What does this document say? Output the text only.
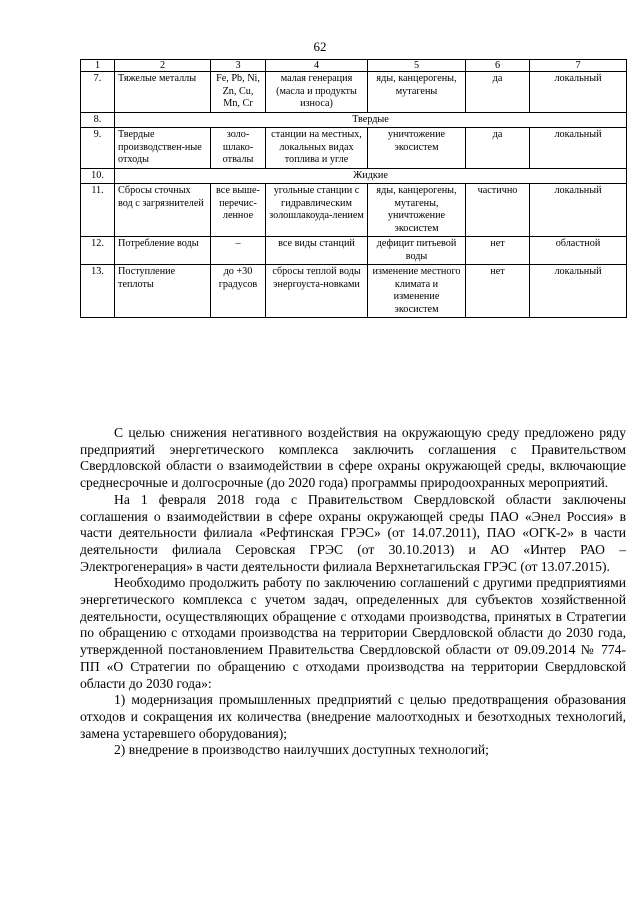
62
1	2	3	4	5	6	7
7.	Тяжелые металлы	Fe, Pb, Ni, Zn, Cu, Mn, Cr	малая генерация (масла и продукты износа)	яды, канцерогены, мутагены	да	локальный
8.	Твердые					
9.	Твердые производствен-ные отходы	золо-шлако-отвалы	станции на местных, локальных видах топлива и угле	уничтожение экосистем	да	локальный
10.	Жидкие					
11.	Сбросы сточных вод с загрязнителей	все выше-перечис-ленное	угольные станции с гидравлическим золошлакоуда-лением	яды, канцерогены, мутагены, уничтожение экосистем	частично	локальный
12.	Потребление воды	–	все виды станций	дефицит питьевой воды	нет	областной
13.	Поступление теплоты	до +30 градусов	сбросы теплой воды энергоуста-новками	изменение местного климата и изменение экосистем	нет	локальный

С целью снижения негативного воздействия на окружающую среду предложено ряду предприятий энергетического комплекса заключить соглашения с Правительством Свердловской области о взаимодействии в сфере охраны окружающей среды, включающие среднесрочные и долгосрочные (до 2020 года) программы природоохранных мероприятий.

На 1 февраля 2018 года с Правительством Свердловской области заключены соглашения о взаимодействии в сфере охраны окружающей среды ПАО «Энел Россия» в части деятельности филиала «Рефтинская ГРЭС» (от 14.07.2011), ПАО «ОГК-2» в части деятельности филиала Серовская ГРЭС (от 30.10.2013) и АО «Интер РАО – Электрогенерация» в части деятельности филиала Верхнетагильская ГРЭС (от 13.07.2015).

Необходимо продолжить работу по заключению соглашений с другими предприятиями энергетического комплекса с учетом задач, определенных для субъектов хозяйственной деятельности, осуществляющих обращение с отходами производства, принятых в Стратегии по обращению с отходами производства на территории Свердловской области до 2030 года, утвержденной постановлением Правительства Свердловской области от 09.09.2014 № 774-ПП «О Стратегии по обращению с отходами производства на территории Свердловской области до 2030 года»:

1) модернизация промышленных предприятий с целью предотвращения образования отходов и сокращения их количества (внедрение малоотходных и безотходных технологий, замена устаревшего оборудования);

2) внедрение в производство наилучших доступных технологий;
